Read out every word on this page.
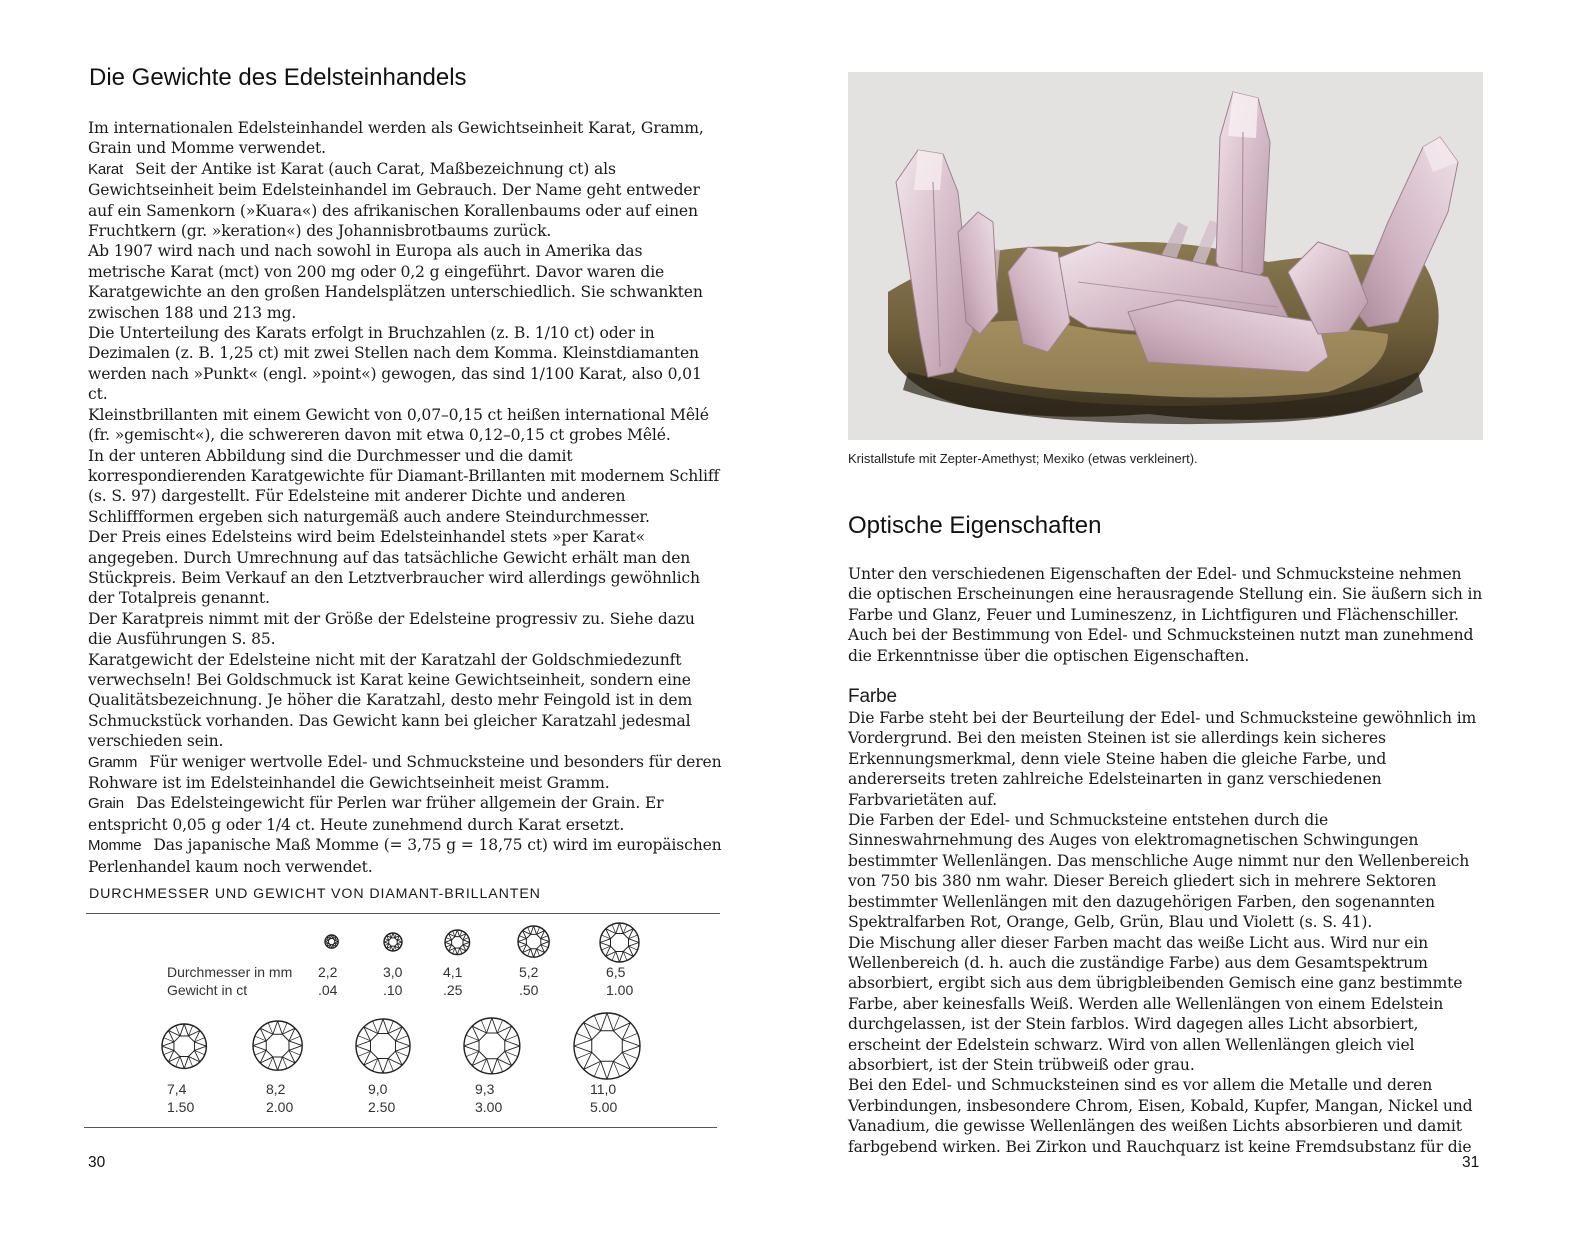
Die Gewichte des Edelsteinhandels

Im internationalen Edelsteinhandel werden als Gewichtseinheit Karat, Gramm, Grain und Momme verwendet.

Karat Seit der Antike ist Karat (auch Carat, Maßbezeichnung ct) als Gewichtseinheit beim Edelsteinhandel im Gebrauch. Der Name geht entweder auf ein Samenkorn (»Kuara«) des afrikanischen Korallenbaums oder auf einen Fruchtkern (gr. »keration«) des Johannisbrotbaums zurück.

Ab 1907 wird nach und nach sowohl in Europa als auch in Amerika das metrische Karat (mct) von 200 mg oder 0,2 g eingeführt. Davor waren die Karatgewichte an den großen Handelsplätzen unterschiedlich. Sie schwankten zwischen 188 und 213 mg.

Die Unterteilung des Karats erfolgt in Bruchzahlen (z. B. 1/10 ct) oder in Dezimalen (z. B. 1,25 ct) mit zwei Stellen nach dem Komma. Kleinstdiamanten werden nach »Punkt« (engl. »point«) gewogen, das sind 1/100 Karat, also 0,01 ct.

Kleinstbrillanten mit einem Gewicht von 0,07–0,15 ct heißen international Mêlé (fr. »gemischt«), die schwereren davon mit etwa 0,12–0,15 ct grobes Mêlé.

In der unteren Abbildung sind die Durchmesser und die damit korrespondierenden Karatgewichte für Diamant-Brillanten mit modernem Schliff (s. S. 97) dargestellt. Für Edelsteine mit anderer Dichte und anderen Schliffformen ergeben sich naturgemäß auch andere Steindurchmesser.

Der Preis eines Edelsteins wird beim Edelsteinhandel stets »per Karat« angegeben. Durch Umrechnung auf das tatsächliche Gewicht erhält man den Stückpreis. Beim Verkauf an den Letztverbraucher wird allerdings gewöhnlich der Totalpreis genannt.

Der Karatpreis nimmt mit der Größe der Edelsteine progressiv zu. Siehe dazu die Ausführungen S. 85.

Karatgewicht der Edelsteine nicht mit der Karatzahl der Goldschmiedezunft verwechseln! Bei Goldschmuck ist Karat keine Gewichtseinheit, sondern eine Qualitätsbezeichnung. Je höher die Karatzahl, desto mehr Feingold ist in dem Schmuckstück vorhanden. Das Gewicht kann bei gleicher Karatzahl jedesmal verschieden sein.

Gramm Für weniger wertvolle Edel- und Schmucksteine und besonders für deren Rohware ist im Edelsteinhandel die Gewichtseinheit meist Gramm.

Grain Das Edelsteingewicht für Perlen war früher allgemein der Grain. Er entspricht 0,05 g oder 1/4 ct. Heute zunehmend durch Karat ersetzt.

Momme Das japanische Maß Momme (= 3,75 g = 18,75 ct) wird im europäischen Perlenhandel kaum noch verwendet.

DURCHMESSER UND GEWICHT VON DIAMANT-BRILLANTEN
Durchmesser in mm
Gewicht in ct
2,2
.04
3,0
.10
4,1
.25
5,2
.50
6,5
1.00
7,4
1.50
8,2
2.00
9,0
2.50
9,3
3.00
11,0
5.00
30
Kristallstufe mit Zepter-Amethyst; Mexiko (etwas verkleinert).
Optische Eigenschaften

Unter den verschiedenen Eigenschaften der Edel- und Schmucksteine nehmen die optischen Erscheinungen eine herausragende Stellung ein. Sie äußern sich in Farbe und Glanz, Feuer und Lumineszenz, in Lichtfiguren und Flächenschiller. Auch bei der Bestimmung von Edel- und Schmucksteinen nutzt man zunehmend die Erkenntnisse über die optischen Eigenschaften.

Farbe

Die Farbe steht bei der Beurteilung der Edel- und Schmucksteine gewöhnlich im Vordergrund. Bei den meisten Steinen ist sie allerdings kein sicheres Erkennungsmerkmal, denn viele Steine haben die gleiche Farbe, und andererseits treten zahlreiche Edelsteinarten in ganz verschiedenen Farbvarietäten auf.

Die Farben der Edel- und Schmucksteine entstehen durch die Sinneswahrnehmung des Auges von elektromagnetischen Schwingungen bestimmter Wellenlängen. Das menschliche Auge nimmt nur den Wellenbereich von 750 bis 380 nm wahr. Dieser Bereich gliedert sich in mehrere Sektoren bestimmter Wellenlängen mit den dazugehörigen Farben, den sogenannten Spektralfarben Rot, Orange, Gelb, Grün, Blau und Violett (s. S. 41).

Die Mischung aller dieser Farben macht das weiße Licht aus. Wird nur ein Wellenbereich (d. h. auch die zuständige Farbe) aus dem Gesamtspektrum absorbiert, ergibt sich aus dem übrigbleibenden Gemisch eine ganz bestimmte Farbe, aber keinesfalls Weiß. Werden alle Wellenlängen von einem Edelstein durchgelassen, ist der Stein farblos. Wird dagegen alles Licht absorbiert, erscheint der Edelstein schwarz. Wird von allen Wellenlängen gleich viel absorbiert, ist der Stein trübweiß oder grau.

Bei den Edel- und Schmucksteinen sind es vor allem die Metalle und deren Verbindungen, insbesondere Chrom, Eisen, Kobald, Kupfer, Mangan, Nickel und Vanadium, die gewisse Wellenlängen des weißen Lichts absorbieren und damit farbgebend wirken. Bei Zirkon und Rauchquarz ist keine Fremdsubstanz für die

31
